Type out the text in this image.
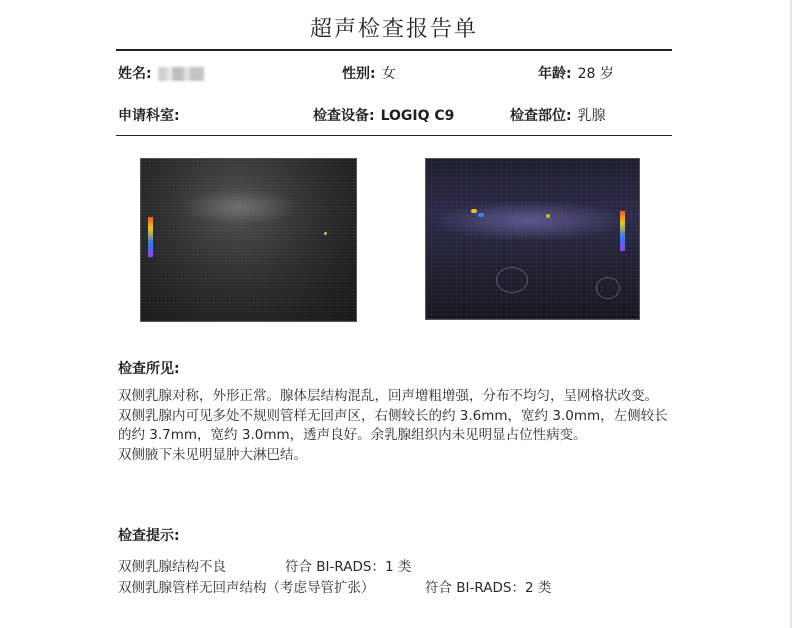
超声检查报告单
姓名:	性别: 女	年龄: 28 岁
申请科室:	检查设备: LOGIQ C9	检查部位: 乳腺
检查所见:

双侧乳腺对称，外形正常。腺体层结构混乱，回声增粗增强，分布不均匀，呈网格状改变。

双侧乳腺内可见多处不规则管样无回声区，右侧较长的约 3.6mm，宽约 3.0mm，左侧较长的约 3.7mm，宽约 3.0mm，透声良好。余乳腺组织内未见明显占位性病变。

双侧腋下未见明显肿大淋巴结。

检查提示:
双侧乳腺结构不良	符合 BI-RADS：1 类
双侧乳腺管样无回声结构（考虑导管扩张）	符合 BI-RADS：2 类
